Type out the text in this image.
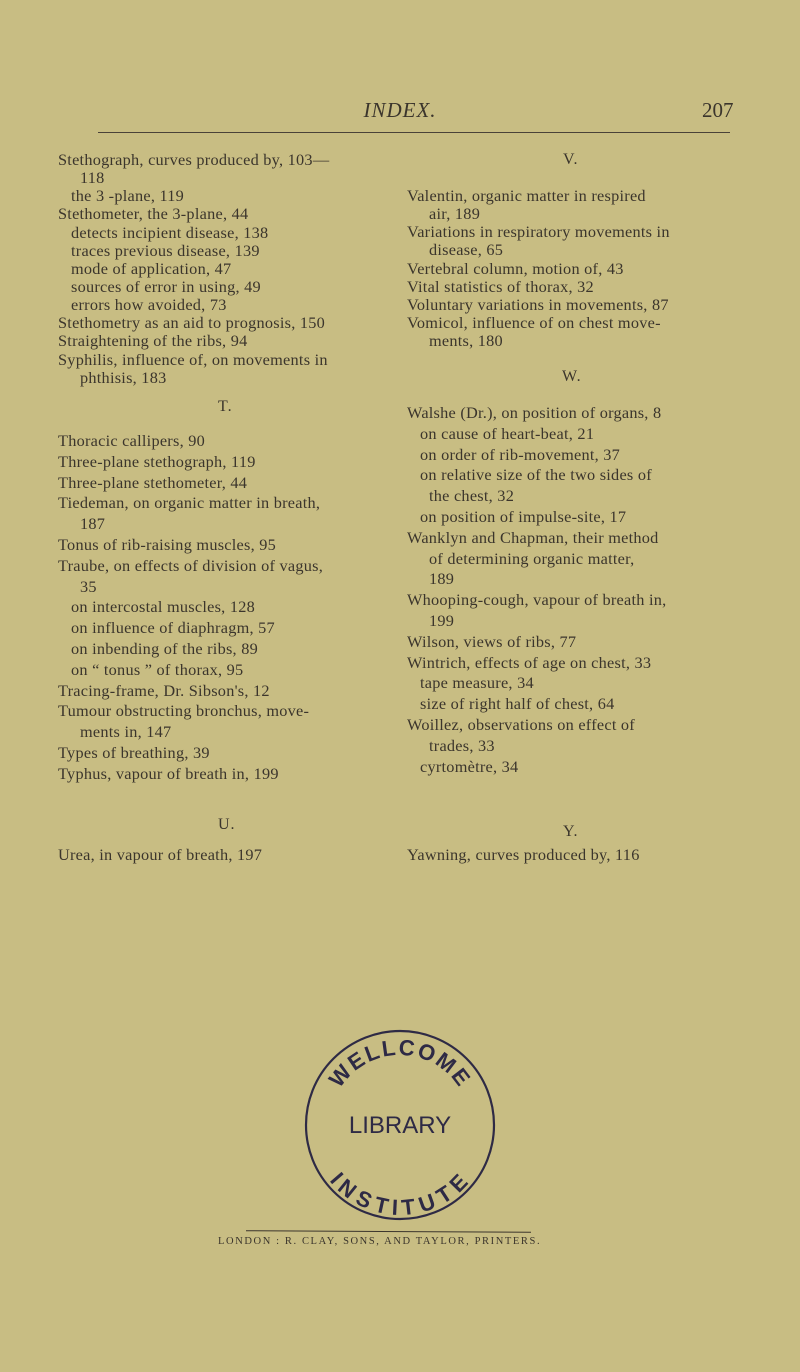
INDEX.	207
Stethograph, curves produced by, 103—
118
the 3 -plane, 119
Stethometer, the 3-plane, 44
detects incipient disease, 138
traces previous disease, 139
mode of application, 47
sources of error in using, 49
errors how avoided, 73
Stethometry as an aid to prognosis, 150
Straightening of the ribs, 94
Syphilis, influence of, on movements in
phthisis, 183
T.
Thoracic callipers, 90
Three-plane stethograph, 119
Three-plane stethometer, 44
Tiedeman, on organic matter in breath,
187
Tonus of rib-raising muscles, 95
Traube, on effects of division of vagus,
35
on intercostal muscles, 128
on influence of diaphragm, 57
on inbending of the ribs, 89
on “ tonus ” of thorax, 95
Tracing-frame, Dr. Sibson's, 12
Tumour obstructing bronchus, move-
ments in, 147
Types of breathing, 39
Typhus, vapour of breath in, 199
U.
Urea, in vapour of breath, 197
V.
Valentin, organic matter in respired
air, 189
Variations in respiratory movements in
disease, 65
Vertebral column, motion of, 43
Vital statistics of thorax, 32
Voluntary variations in movements, 87
Vomicol, influence of on chest move-
ments, 180
W.
Walshe (Dr.), on position of organs, 8
on cause of heart-beat, 21
on order of rib-movement, 37
on relative size of the two sides of
the chest, 32
on position of impulse-site, 17
Wanklyn and Chapman, their method
of determining organic matter,
189
Whooping-cough, vapour of breath in,
199
Wilson, views of ribs, 77
Wintrich, effects of age on chest, 33
tape measure, 34
size of right half of chest, 64
Woillez, observations on effect of
trades, 33
cyrtomètre, 34
Y.
Yawning, curves produced by, 116
WELLCOME
LIBRARY
INSTITUTE
LONDON : R. CLAY, SONS, AND TAYLOR, PRINTERS.
